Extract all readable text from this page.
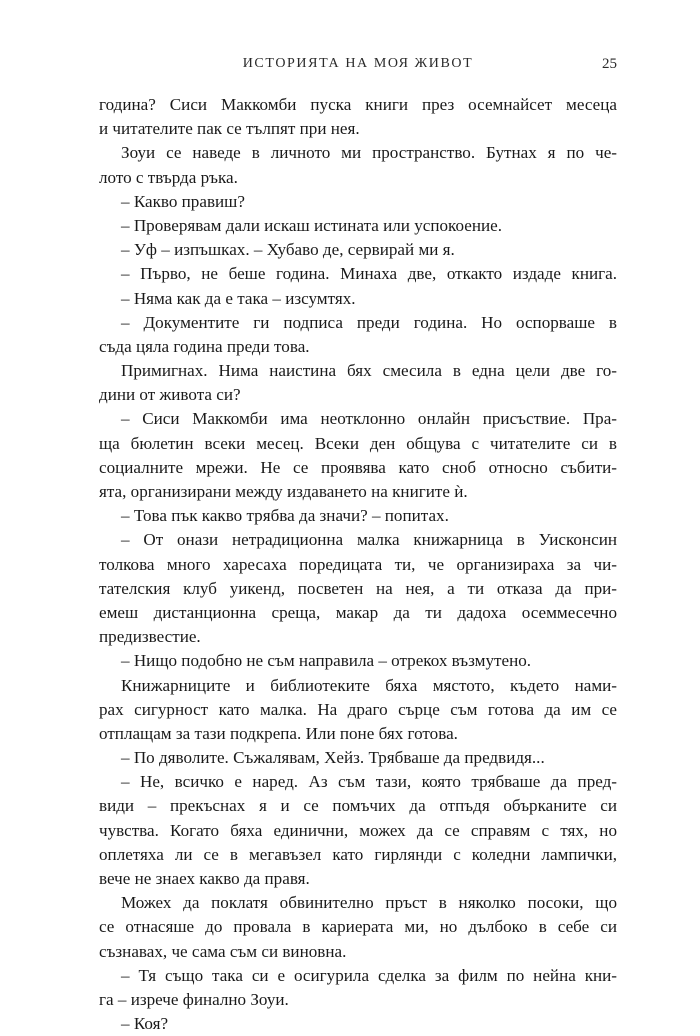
ИСТОРИЯТА НА МОЯ ЖИВОТ	25
година? Сиси Маккомби пуска книги през осемнайсет месеца
и читателите пак се тълпят при нея.
Зоуи се наведе в личното ми пространство. Бутнах я по че-
лото с твърда ръка.
– Какво правиш?
– Проверявам дали искаш истината или успокоение.
– Уф – изпъшках. – Хубаво де, сервирай ми я.
– Първо, не беше година. Минаха две, откакто издаде книга.
– Няма как да е така – изсумтях.
– Документите ги подписа преди година. Но оспорваше в
съда цяла година преди това.
Примигнах. Нима наистина бях смесила в една цели две го-
дини от живота си?
– Сиси Маккомби има неотклонно онлайн присъствие. Пра-
ща бюлетин всеки месец. Всеки ден общува с читателите си в
социалните мрежи. Не се проявява като сноб относно събити-
ята, организирани между издаването на книгите ѝ.
– Това пък какво трябва да значи? – попитах.
– От онази нетрадиционна малка книжарница в Уисконсин
толкова много харесаха поредицата ти, че организираха за чи-
тателския клуб уикенд, посветен на нея, а ти отказа да при-
емеш дистанционна среща, макар да ти дадоха осеммесечно
предизвестие.
– Нищо подобно не съм направила – отрекох възмутено.
Книжарниците и библиотеките бяха мястото, където нами-
рах сигурност като малка. На драго сърце съм готова да им се
отплащам за тази подкрепа. Или поне бях готова.
– По дяволите. Съжалявам, Хейз. Трябваше да предвидя...
– Не, всичко е наред. Аз съм тази, която трябваше да пред-
види – прекъснах я и се помъчих да отпъдя обърканите си
чувства. Когато бяха единични, можех да се справям с тях, но
оплетяха ли се в мегавъзел като гирлянди с коледни лампички,
вече не знаех какво да правя.
Можех да поклатя обвинително пръст в няколко посоки, що
се отнасяше до провала в кариерата ми, но дълбоко в себе си
съзнавах, че сама съм си виновна.
– Тя също така си е осигурила сделка за филм по нейна кни-
га – изрече финално Зоуи.
– Коя?
